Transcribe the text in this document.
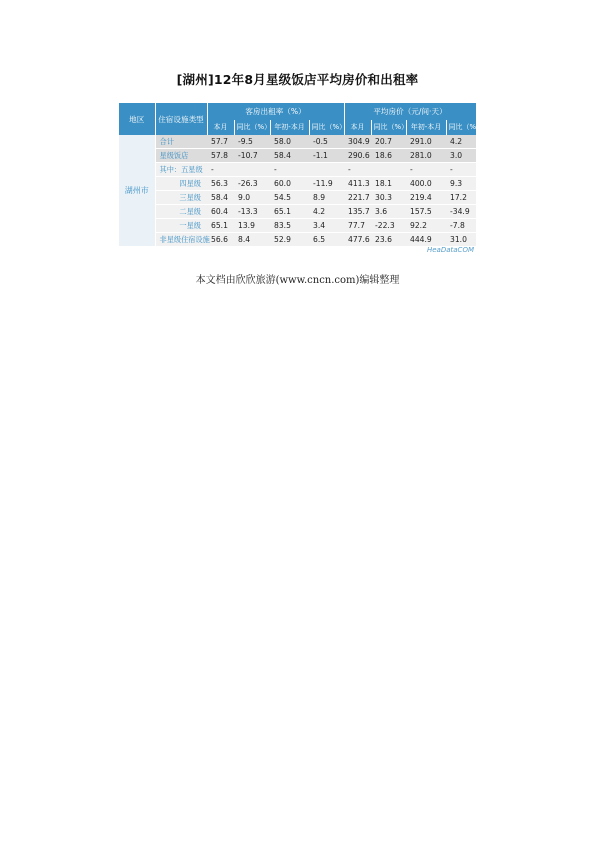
[湖州]12年8月星级饭店平均房价和出租率
地区	住宿设施类型	客房出租率（%）				平均房价（元/间·天）			
		本月	同比（%）	年初-本月	同比（%）	本月	同比（%）	年初-本月	同比（%）
湖州市	合计	57.7	-9.5	58.0	-0.5	304.9	20.7	291.0	4.2
	星级饭店	57.8	-10.7	58.4	-1.1	290.6	18.6	281.0	3.0
	其中：五星级	-		-		-		-	-
	四星级	56.3	-26.3	60.0	-11.9	411.3	18.1	400.0	9.3
	三星级	58.4	9.0	54.5	8.9	221.7	30.3	219.4	17.2
	二星级	60.4	-13.3	65.1	4.2	135.7	3.6	157.5	-34.9
	一星级	65.1	13.9	83.5	3.4	77.7	-22.3	92.2	-7.8
	非星级住宿设施	56.6	8.4	52.9	6.5	477.6	23.6	444.9	31.0
HeaDataCOM
本文档由欣欣旅游(www.cncn.com)编辑整理
